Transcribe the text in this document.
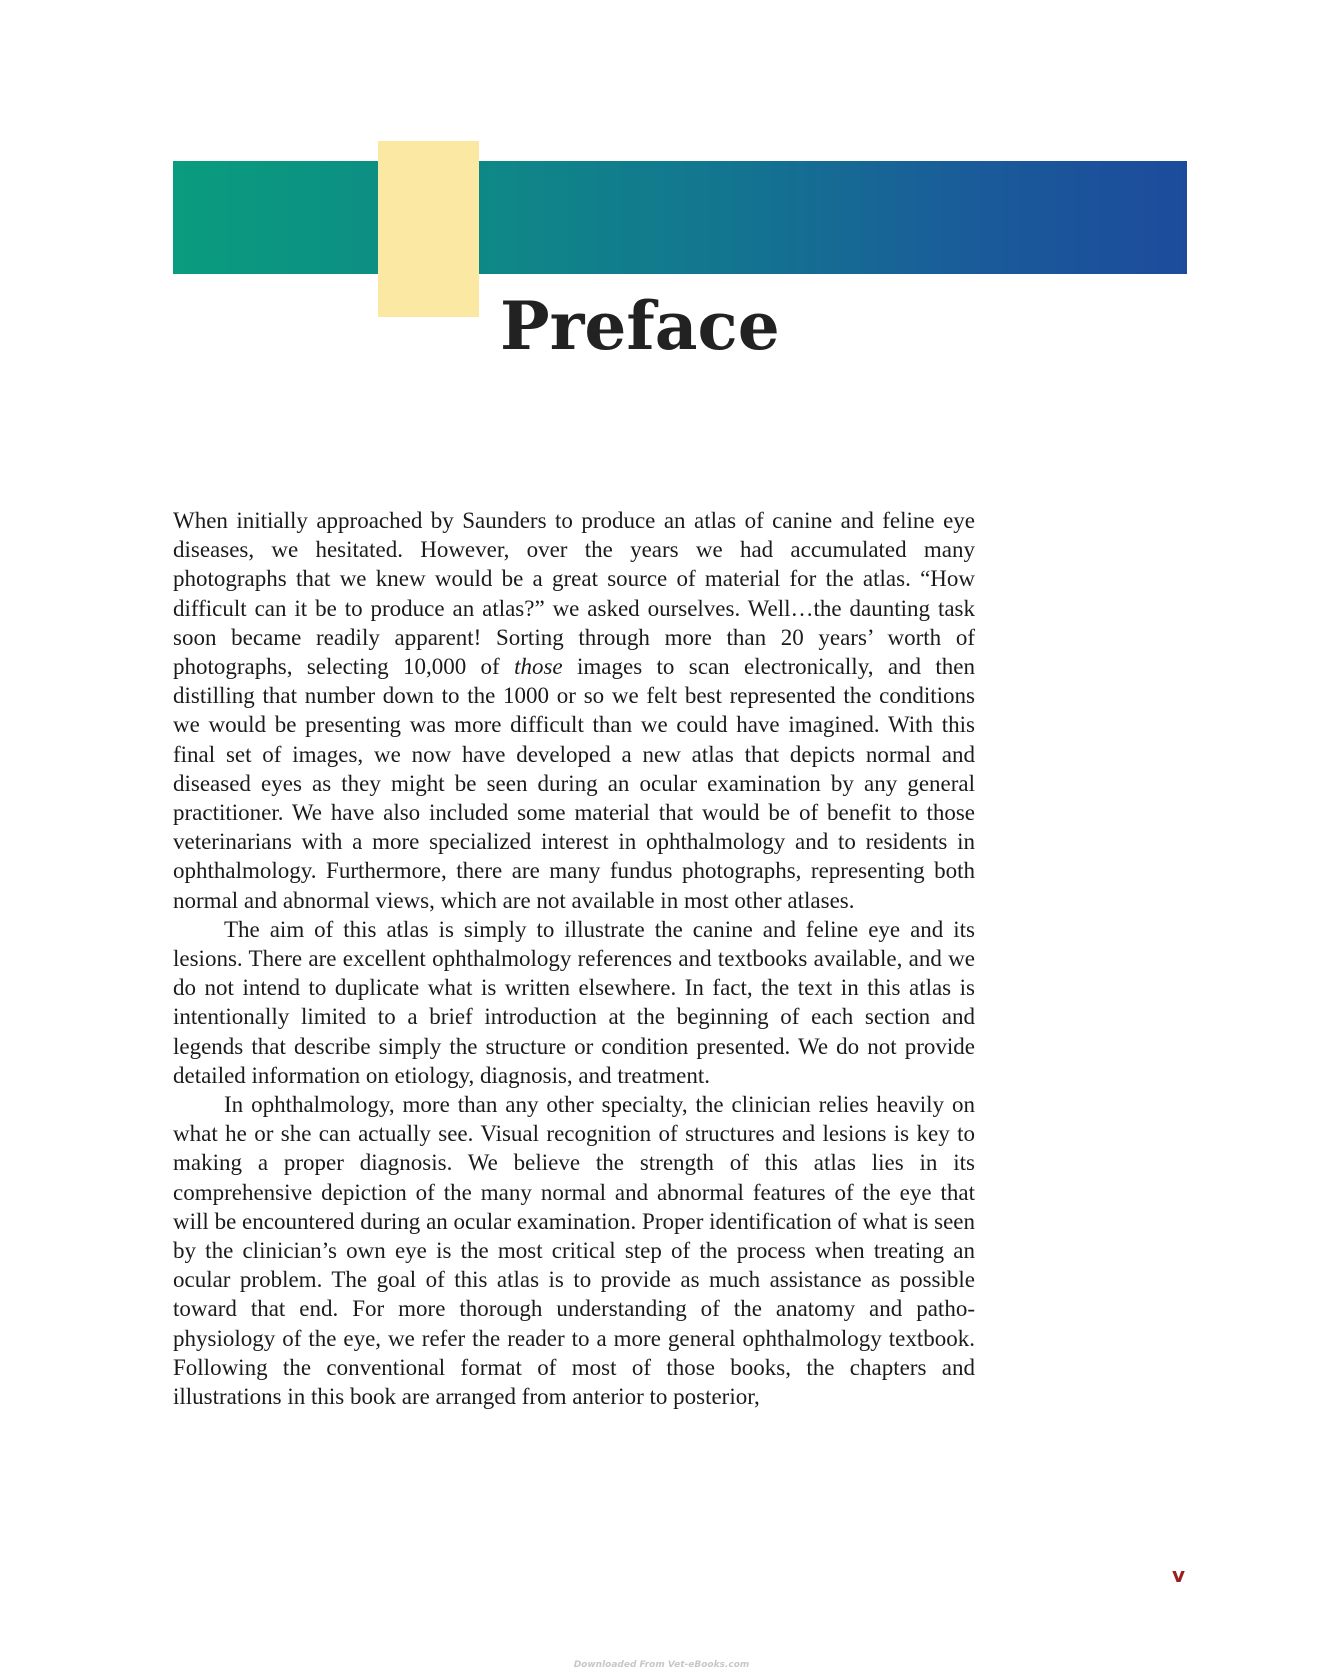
Preface

When initially approached by Saunders to produce an atlas of canine and feline eye diseases, we hesitated. However, over the years we had accumulated many photographs that we knew would be a great source of material for the atlas. “How difficult can it be to produce an atlas?” we asked ourselves. Well…the daunting task soon became readily apparent! Sorting through more than 20 years’ worth of photographs, selecting 10,000 of those images to scan electronically, and then distilling that number down to the 1000 or so we felt best represented the conditions we would be presenting was more difficult than we could have imagined. With this final set of images, we now have developed a new atlas that depicts normal and diseased eyes as they might be seen during an ocular examination by any general practitioner. We have also included some material that would be of benefit to those veterinarians with a more specialized interest in ophthalmology and to residents in ophthalmology. Furthermore, there are many fundus photographs, representing both normal and abnormal views, which are not available in most other atlases.

The aim of this atlas is simply to illustrate the canine and feline eye and its lesions. There are excellent ophthalmology references and textbooks available, and we do not intend to duplicate what is written elsewhere. In fact, the text in this atlas is intentionally limited to a brief introduction at the beginning of each section and legends that describe simply the structure or condition presented. We do not provide detailed information on etiology, diagnosis, and treatment.

In ophthalmology, more than any other specialty, the clinician relies heavily on what he or she can actually see. Visual recognition of structures and lesions is key to making a proper diagnosis. We believe the strength of this atlas lies in its comprehensive depiction of the many normal and abnormal features of the eye that will be encountered during an ocular examination. Proper identification of what is seen by the clinician’s own eye is the most critical step of the process when treating an ocular problem. The goal of this atlas is to provide as much assistance as possible toward that end. For more thorough understanding of the anatomy and pathophysiology of the eye, we refer the reader to a more general ophthalmology textbook. Following the conventional format of most of those books, the chapters and illustrations in this book are arranged from anterior to posterior,

v
Downloaded From Vet-eBooks.com
